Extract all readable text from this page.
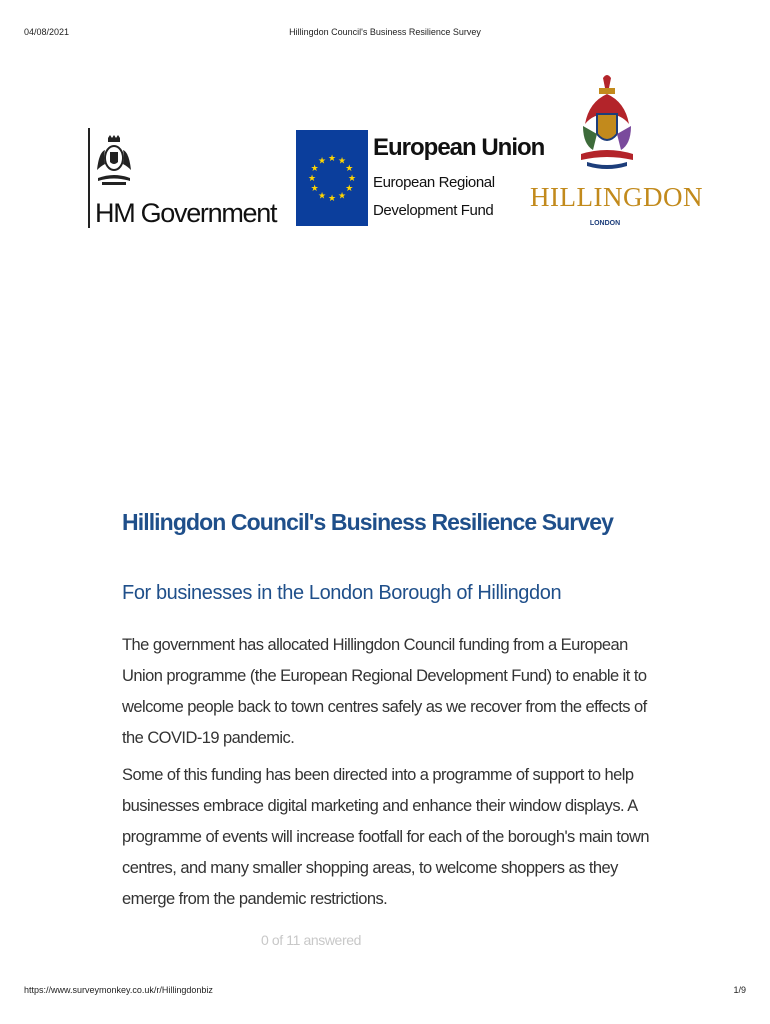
04/08/2021	Hillingdon Council's Business Resilience Survey
HM Government
★ ★
★
★
★
★
★
★
★
★
★
★ European Union
European Regional
Development Fund HILLINGDON
LONDON
Hillingdon Council's Business Resilience Survey
For businesses in the London Borough of Hillingdon
The government has allocated Hillingdon Council funding from a European Union programme (the European Regional Development Fund) to enable it to welcome people back to town centres safely as we recover from the effects of the COVID-19 pandemic.
Some of this funding has been directed into a programme of support to help businesses embrace digital marketing and enhance their window displays. A programme of events will increase footfall for each of the borough's main town centres, and many smaller shopping areas, to welcome shoppers as they emerge from the pandemic restrictions.
0 of 11 answered
https://www.surveymonkey.co.uk/r/Hillingdonbiz	1/9
